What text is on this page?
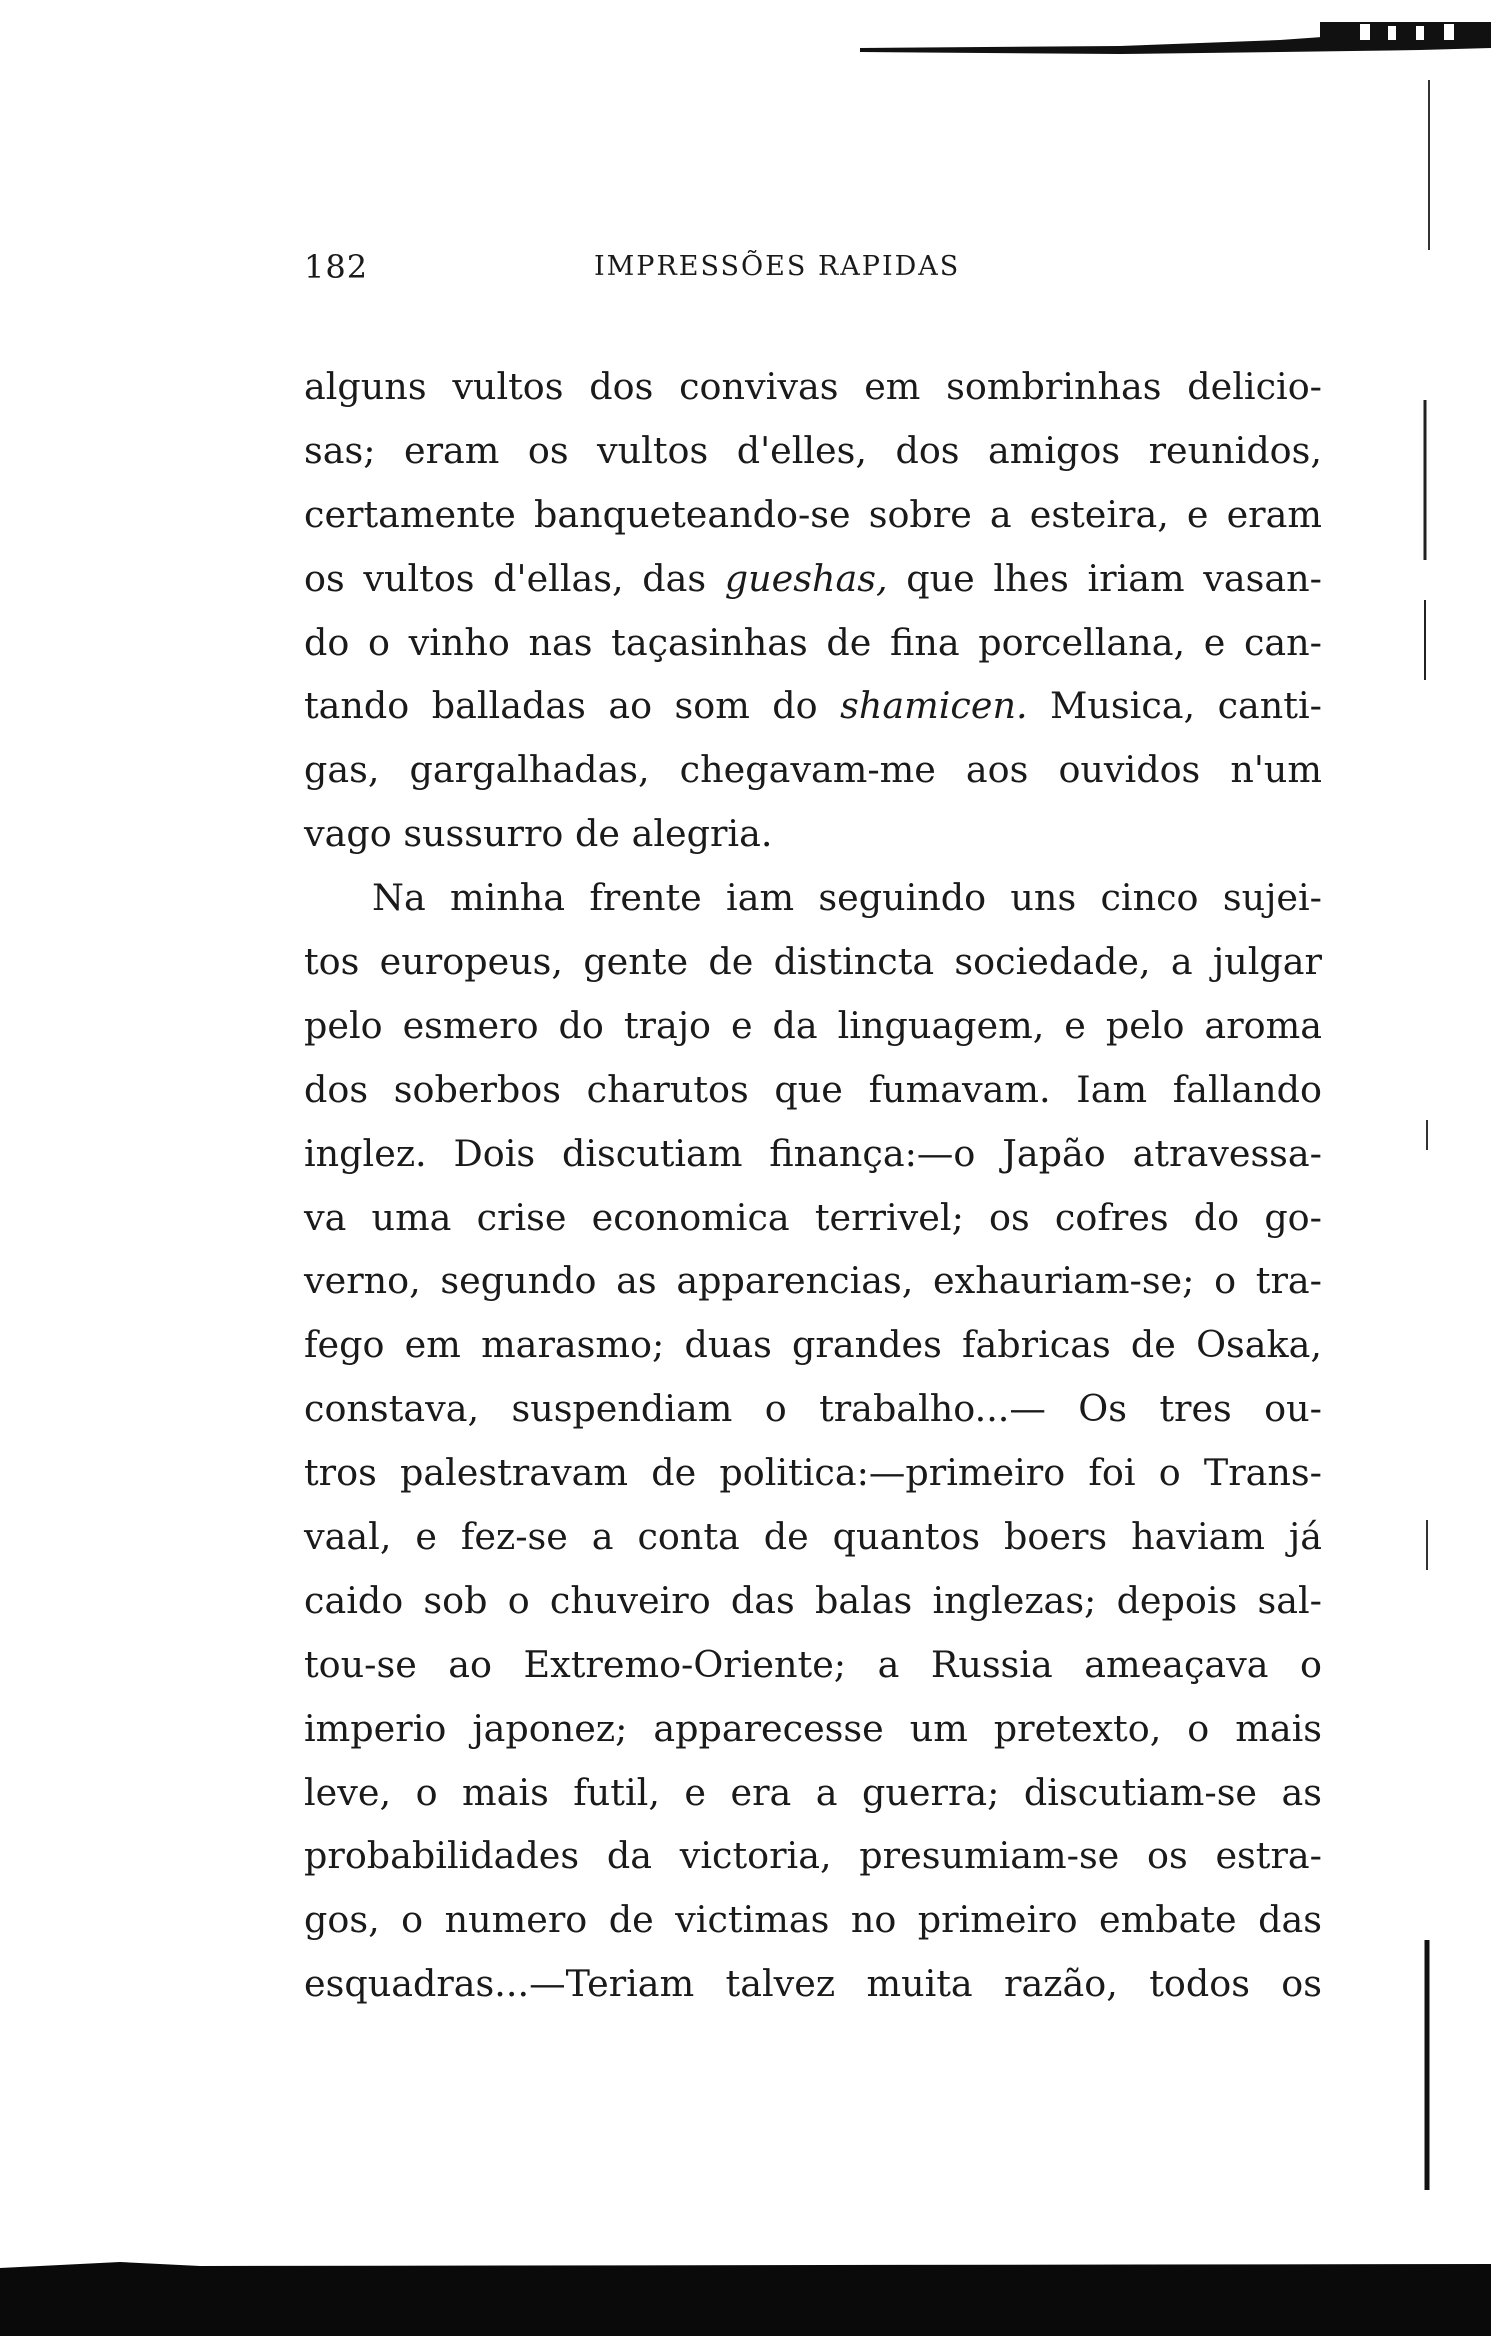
182	IMPRESSÕES RAPIDAS
alguns vultos dos convivas em sombrinhas delicio-
sas; eram os vultos d'elles, dos amigos reunidos,
certamente banqueteando-se sobre a esteira, e eram
os vultos d'ellas, das gueshas, que lhes iriam vasan-
do o vinho nas taçasinhas de fina porcellana, e can-
tando balladas ao som do shamicen. Musica, canti-
gas, gargalhadas, chegavam-me aos ouvidos n'um
vago sussurro de alegria.
Na minha frente iam seguindo uns cinco sujei-
tos europeus, gente de distincta sociedade, a julgar
pelo esmero do trajo e da linguagem, e pelo aroma
dos soberbos charutos que fumavam. Iam fallando
inglez. Dois discutiam finança:—o Japão atravessa-
va uma crise economica terrivel; os cofres do go-
verno, segundo as apparencias, exhauriam-se; o tra-
fego em marasmo; duas grandes fabricas de Osaka,
constava, suspendiam o trabalho...— Os tres ou-
tros palestravam de politica:—primeiro foi o Trans-
vaal, e fez-se a conta de quantos boers haviam já
caido sob o chuveiro das balas inglezas; depois sal-
tou-se ao Extremo-Oriente; a Russia ameaçava o
imperio japonez; apparecesse um pretexto, o mais
leve, o mais futil, e era a guerra; discutiam-se as
probabilidades da victoria, presumiam-se os estra-
gos, o numero de victimas no primeiro embate das
esquadras...—Teriam talvez muita razão, todos os
